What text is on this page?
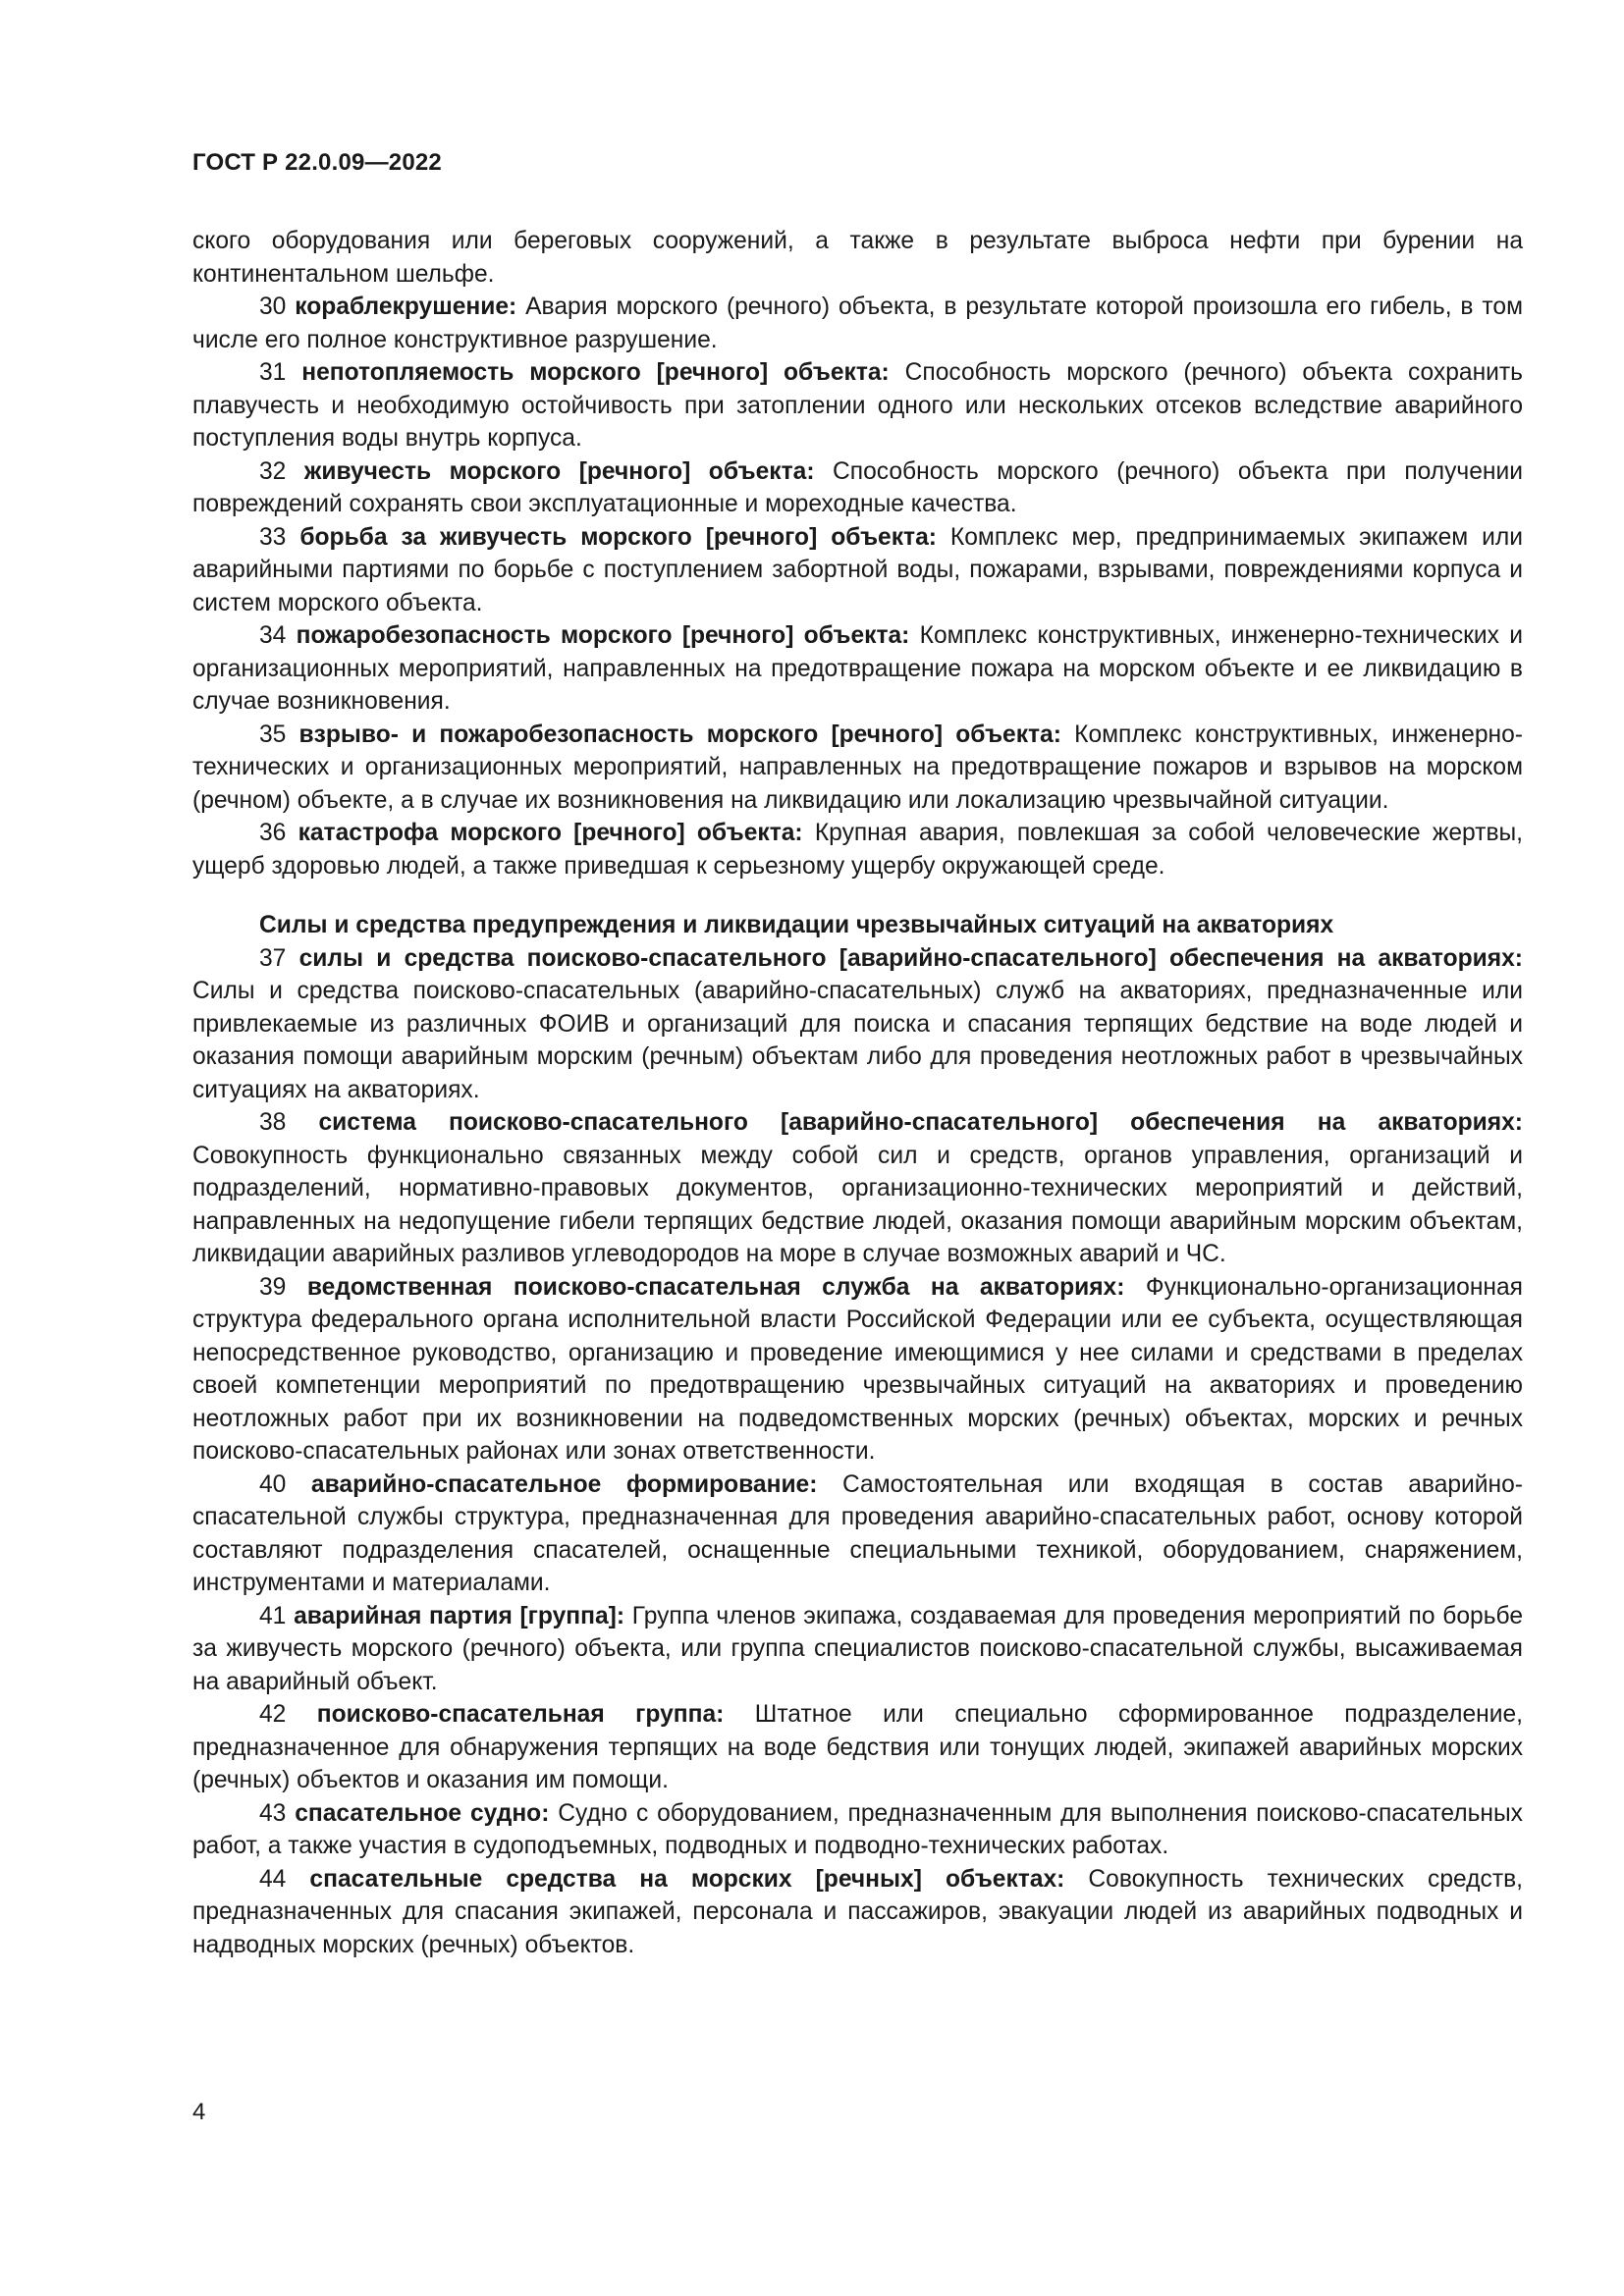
ГОСТ Р 22.0.09—2022

ского оборудования или береговых сооружений, а также в результате выброса нефти при бурении на континентальном шельфе.

30 кораблекрушение: Авария морского (речного) объекта, в результате которой произошла его гибель, в том числе его полное конструктивное разрушение.

31 непотопляемость морского [речного] объекта: Способность морского (речного) объекта сохранить плавучесть и необходимую остойчивость при затоплении одного или нескольких отсеков вследствие аварийного поступления воды внутрь корпуса.

32 живучесть морского [речного] объекта: Способность морского (речного) объекта при получении повреждений сохранять свои эксплуатационные и мореходные качества.

33 борьба за живучесть морского [речного] объекта: Комплекс мер, предпринимаемых экипажем или аварийными партиями по борьбе с поступлением забортной воды, пожарами, взрывами, повреждениями корпуса и систем морского объекта.

34 пожаробезопасность морского [речного] объекта: Комплекс конструктивных, инженерно-технических и организационных мероприятий, направленных на предотвращение пожара на морском объекте и ее ликвидацию в случае возникновения.

35 взрыво- и пожаробезопасность морского [речного] объекта: Комплекс конструктивных, инженерно-технических и организационных мероприятий, направленных на предотвращение пожаров и взрывов на морском (речном) объекте, а в случае их возникновения на ликвидацию или локализацию чрезвычайной ситуации.

36 катастрофа морского [речного] объекта: Крупная авария, повлекшая за собой человеческие жертвы, ущерб здоровью людей, а также приведшая к серьезному ущербу окружающей среде.

Силы и средства предупреждения и ликвидации чрезвычайных ситуаций на акваториях

37 силы и средства поисково-спасательного [аварийно-спасательного] обеспечения на акваториях: Силы и средства поисково-спасательных (аварийно-спасательных) служб на акваториях, предназначенные или привлекаемые из различных ФОИВ и организаций для поиска и спасания терпящих бедствие на воде людей и оказания помощи аварийным морским (речным) объектам либо для проведения неотложных работ в чрезвычайных ситуациях на акваториях.

38 система поисково-спасательного [аварийно-спасательного] обеспечения на акваториях: Совокупность функционально связанных между собой сил и средств, органов управления, организаций и подразделений, нормативно-правовых документов, организационно-технических мероприятий и действий, направленных на недопущение гибели терпящих бедствие людей, оказания помощи аварийным морским объектам, ликвидации аварийных разливов углеводородов на море в случае возможных аварий и ЧС.

39 ведомственная поисково-спасательная служба на акваториях: Функционально-организационная структура федерального органа исполнительной власти Российской Федерации или ее субъекта, осуществляющая непосредственное руководство, организацию и проведение имеющимися у нее силами и средствами в пределах своей компетенции мероприятий по предотвращению чрезвычайных ситуаций на акваториях и проведению неотложных работ при их возникновении на подведомственных морских (речных) объектах, морских и речных поисково-спасательных районах или зонах ответственности.

40 аварийно-спасательное формирование: Самостоятельная или входящая в состав аварийно-спасательной службы структура, предназначенная для проведения аварийно-спасательных работ, основу которой составляют подразделения спасателей, оснащенные специальными техникой, оборудованием, снаряжением, инструментами и материалами.

41 аварийная партия [группа]: Группа членов экипажа, создаваемая для проведения мероприятий по борьбе за живучесть морского (речного) объекта, или группа специалистов поисково-спасательной службы, высаживаемая на аварийный объект.

42 поисково-спасательная группа: Штатное или специально сформированное подразделение, предназначенное для обнаружения терпящих на воде бедствия или тонущих людей, экипажей аварийных морских (речных) объектов и оказания им помощи.

43 спасательное судно: Судно с оборудованием, предназначенным для выполнения поисково-спасательных работ, а также участия в судоподъемных, подводных и подводно-технических работах.

44 спасательные средства на морских [речных] объектах: Совокупность технических средств, предназначенных для спасания экипажей, персонала и пассажиров, эвакуации людей из аварийных подводных и надводных морских (речных) объектов.

4
